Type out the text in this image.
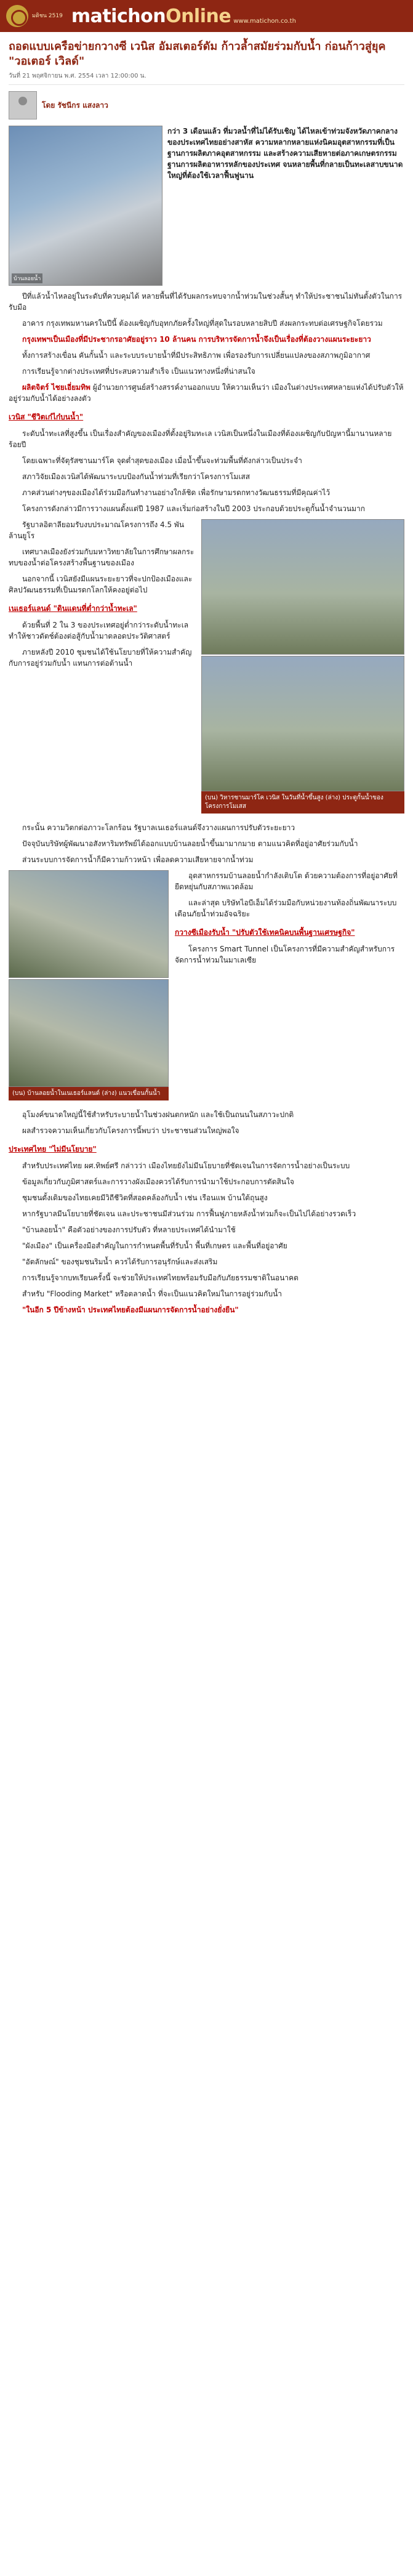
มติชน 2519 matichonOnline www.matichon.co.th
ถอดแบบเครือข่ายกวางซี เวนิส อัมสเตอร์ดัม ก้าวล้ำสมัยร่วมกับน้ำ ก่อนก้าวสู่ยุค "วอเตอร์ เวิลด์"
วันที่ 21 พฤศจิกายน พ.ศ. 2554 เวลา 12:00:00 น.
โดย รัชนีกร แสงลาว
บ้านลอยน้ำ
กว่า 3 เดือนแล้ว ที่มวลน้ำที่ไม่ได้รับเชิญ ได้ไหลเข้าท่วมจังหวัดภาคกลางของประเทศไทยอย่างสาหัส ความหลากหลายแห่งนิคมอุตสาหกรรมที่เป็นฐานการผลิตภาคอุตสาหกรรม และสร้างความเสียหายต่อภาคเกษตรกรรม ฐานการผลิตอาหารหลักของประเทศ จนหลายพื้นที่กลายเป็นทะเลสาบขนาดใหญ่ที่ต้องใช้เวลาฟื้นฟูนาน

ปีที่แล้วน้ำไหลอยู่ในระดับที่ควบคุมได้ หลายพื้นที่ได้รับผลกระทบจากน้ำท่วมในช่วงสั้นๆ ทำให้ประชาชนไม่ทันตั้งตัวในการรับมือ

อาคาร กรุงเทพมหานครในปีนี้ ต้องเผชิญกับอุทกภัยครั้งใหญ่ที่สุดในรอบหลายสิบปี ส่งผลกระทบต่อเศรษฐกิจโดยรวม

กรุงเทพฯเป็นเมืองที่มีประชากรอาศัยอยู่ราว 10 ล้านคน การบริหารจัดการน้ำจึงเป็นเรื่องที่ต้องวางแผนระยะยาว

ทั้งการสร้างเขื่อน คันกั้นน้ำ และระบบระบายน้ำที่มีประสิทธิภาพ เพื่อรองรับการเปลี่ยนแปลงของสภาพภูมิอากาศ

การเรียนรู้จากต่างประเทศที่ประสบความสำเร็จ เป็นแนวทางหนึ่งที่น่าสนใจ

ผลิตจิตร์ ไชยเอี่ยมทิพ ผู้อำนวยการศูนย์สร้างสรรค์งานออกแบบ ให้ความเห็นว่า เมืองในต่างประเทศหลายแห่งได้ปรับตัวให้อยู่ร่วมกับน้ำได้อย่างลงตัว

เวนิส "ชีวิตเก๋ไก๋บนน้ำ"

ระดับน้ำทะเลที่สูงขึ้น เป็นเรื่องสำคัญของเมืองที่ตั้งอยู่ริมทะเล เวนิสเป็นหนึ่งในเมืองที่ต้องเผชิญกับปัญหานี้มานานหลายร้อยปี

โดยเฉพาะที่จัตุรัสซานมาร์โค จุดต่ำสุดของเมือง เมื่อน้ำขึ้นจะท่วมพื้นที่ดังกล่าวเป็นประจำ

สภาวิจัยเมืองเวนิสได้พัฒนาระบบป้องกันน้ำท่วมที่เรียกว่าโครงการโมเสส

ภาคส่วนต่างๆของเมืองได้ร่วมมือกันทำงานอย่างใกล้ชิด เพื่อรักษามรดกทางวัฒนธรรมที่มีคุณค่าไว้

โครงการดังกล่าวมีการวางแผนตั้งแต่ปี 1987 และเริ่มก่อสร้างในปี 2003 ประกอบด้วยประตูกั้นน้ำจำนวนมาก

(บน) วิหารซานมาร์โค เวนิส ในวันที่น้ำขึ้นสูง (ล่าง) ประตูกั้นน้ำของโครงการโมเสส

รัฐบาลอิตาลียอมรับงบประมาณโครงการถึง 4.5 พันล้านยูโร

เทศบาลเมืองยังร่วมกับมหาวิทยาลัยในการศึกษาผลกระทบของน้ำต่อโครงสร้างพื้นฐานของเมือง

นอกจากนี้ เวนิสยังมีแผนระยะยาวที่จะปกป้องเมืองและศิลปวัฒนธรรมที่เป็นมรดกโลกให้คงอยู่ต่อไป

เนเธอร์แลนด์ "ดินแดนที่ต่ำกว่าน้ำทะเล"

ด้วยพื้นที่ 2 ใน 3 ของประเทศอยู่ต่ำกว่าระดับน้ำทะเล ทำให้ชาวดัตช์ต้องต่อสู้กับน้ำมาตลอดประวัติศาสตร์

ภายหลังปี 2010 ชุมชนได้ใช้นโยบายที่ให้ความสำคัญกับการอยู่ร่วมกับน้ำ แทนการต่อต้านน้ำ

กระนั้น ความวิตกต่อภาวะโลกร้อน รัฐบาลเนเธอร์แลนด์จึงวางแผนการปรับตัวระยะยาว

ปัจจุบันบริษัทผู้พัฒนาอสังหาริมทรัพย์ได้ออกแบบบ้านลอยน้ำขึ้นมามากมาย ตามแนวคิดที่อยู่อาศัยร่วมกับน้ำ

ส่วนระบบการจัดการน้ำก็มีความก้าวหน้า เพื่อลดความเสียหายจากน้ำท่วม

(บน) บ้านลอยน้ำในเนเธอร์แลนด์ (ล่าง) แนวเขื่อนกั้นน้ำ

อุตสาหกรรมบ้านลอยน้ำกำลังเติบโต ด้วยความต้องการที่อยู่อาศัยที่ยืดหยุ่นกับสภาพแวดล้อม

และล่าสุด บริษัทไอบีเอ็มได้ร่วมมือกับหน่วยงานท้องถิ่นพัฒนาระบบเตือนภัยน้ำท่วมอัจฉริยะ

กวางซีเมืองรับน้ำ "ปรับตัวใช้เทคนิคบนพื้นฐานเศรษฐกิจ"

โครงการ Smart Tunnel เป็นโครงการที่มีความสำคัญสำหรับการจัดการน้ำท่วมในมาเลเซีย

อุโมงค์ขนาดใหญ่นี้ใช้สำหรับระบายน้ำในช่วงฝนตกหนัก และใช้เป็นถนนในสภาวะปกติ

ผลสำรวจความเห็นเกี่ยวกับโครงการนี้พบว่า ประชาชนส่วนใหญ่พอใจ

ประเทศไทย "ไม่มีนโยบาย"

สำหรับประเทศไทย ผศ.ทิพย์ศรี กล่าวว่า เมืองไทยยังไม่มีนโยบายที่ชัดเจนในการจัดการน้ำอย่างเป็นระบบ

ข้อมูลเกี่ยวกับภูมิศาสตร์และการวางผังเมืองควรได้รับการนำมาใช้ประกอบการตัดสินใจ

ชุมชนดั้งเดิมของไทยเคยมีวิถีชีวิตที่สอดคล้องกับน้ำ เช่น เรือนแพ บ้านใต้ถุนสูง

หากรัฐบาลมีนโยบายที่ชัดเจน และประชาชนมีส่วนร่วม การฟื้นฟูภายหลังน้ำท่วมก็จะเป็นไปได้อย่างรวดเร็ว

"บ้านลอยน้ำ" คือตัวอย่างของการปรับตัว ที่หลายประเทศได้นำมาใช้

"ผังเมือง" เป็นเครื่องมือสำคัญในการกำหนดพื้นที่รับน้ำ พื้นที่เกษตร และพื้นที่อยู่อาศัย

"อัตลักษณ์" ของชุมชนริมน้ำ ควรได้รับการอนุรักษ์และส่งเสริม

การเรียนรู้จากบทเรียนครั้งนี้ จะช่วยให้ประเทศไทยพร้อมรับมือกับภัยธรรมชาติในอนาคต

สำหรับ "Flooding Market" หรือตลาดน้ำ ที่จะเป็นแนวคิดใหม่ในการอยู่ร่วมกับน้ำ

"ในอีก 5 ปีข้างหน้า ประเทศไทยต้องมีแผนการจัดการน้ำอย่างยั่งยืน"
